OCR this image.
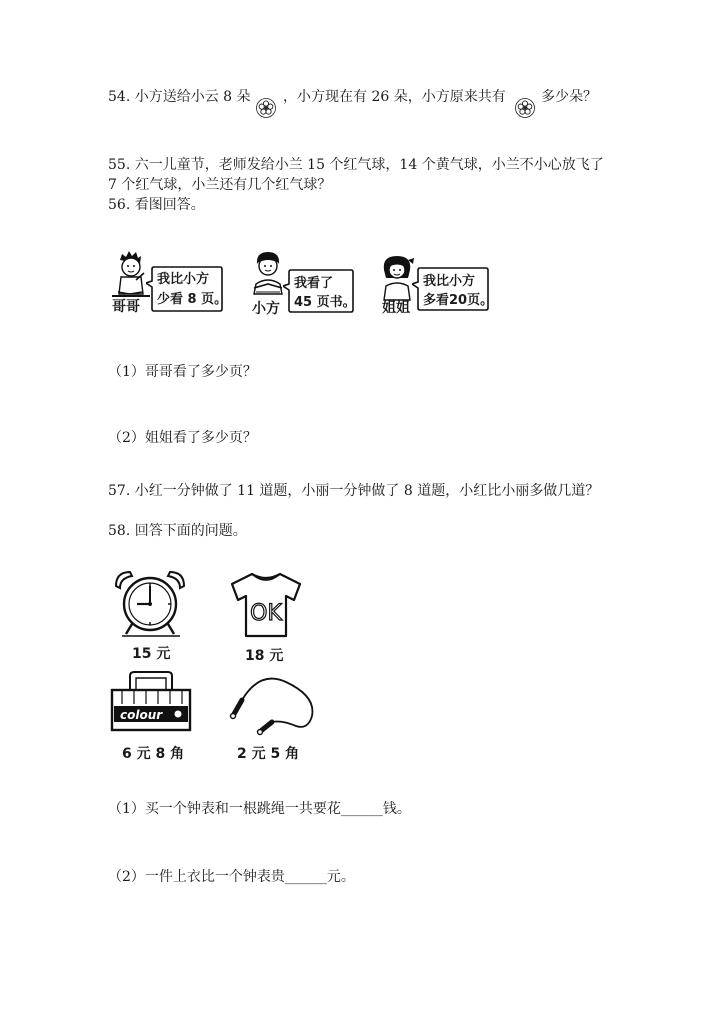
54. 小方送给小云 8 朵 ，小方现在有 26 朵，小方原来共有	多少朵？
55. 六一儿童节，老师发给小兰 15 个红气球，14 个黄气球，小兰不小心放飞了
7 个红气球，小兰还有几个红气球？
56. 看图回答。
哥哥
我比小方
少看 8 页。
小方
我看了
45 页书。 姐姐
我比小方
多看20页。
（1）哥哥看了多少页？
（2）姐姐看了多少页？
57. 小红一分钟做了 11 道题，小丽一分钟做了 8 道题，小红比小丽多做几道？
58. 回答下面的问题。
15 元
OK
18 元
colour
6 元 8 角	2 元 5 角
（1）买一个钟表和一根跳绳一共要花______钱。
（2）一件上衣比一个钟表贵______元。
